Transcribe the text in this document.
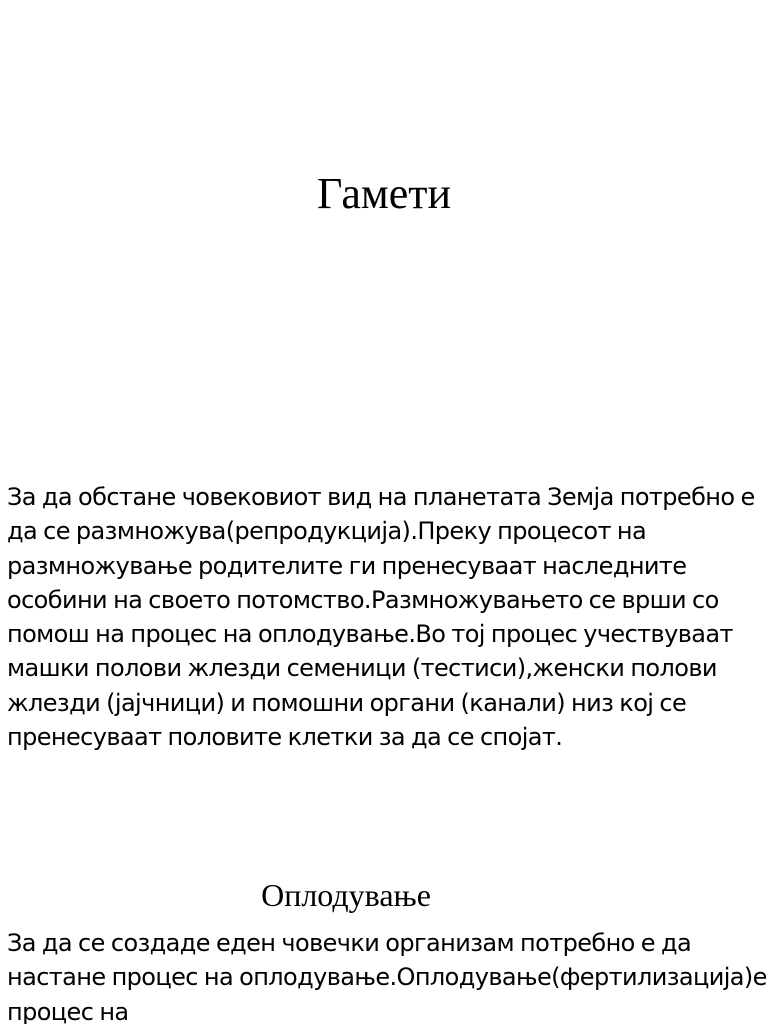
Гамети

За да обстане човековиот вид на планетата Земја потребно е да се размножува(репродукција).Преку процесот на размножување родителите ги пренесуваат наследните особини на своето потомство.Размножувањето се врши со помош на процес на оплодување.Во тој процес учествуваат машки полови жлезди семеници (тестиси),женски полови жлезди (јајчници) и помошни органи (канали) низ кој се пренесуваат половите клетки за да се спојат.

Оплодување

За да се создаде еден човечки организам потребно е да настане процес на оплодување.Оплодување(фертилизација)е процес на
